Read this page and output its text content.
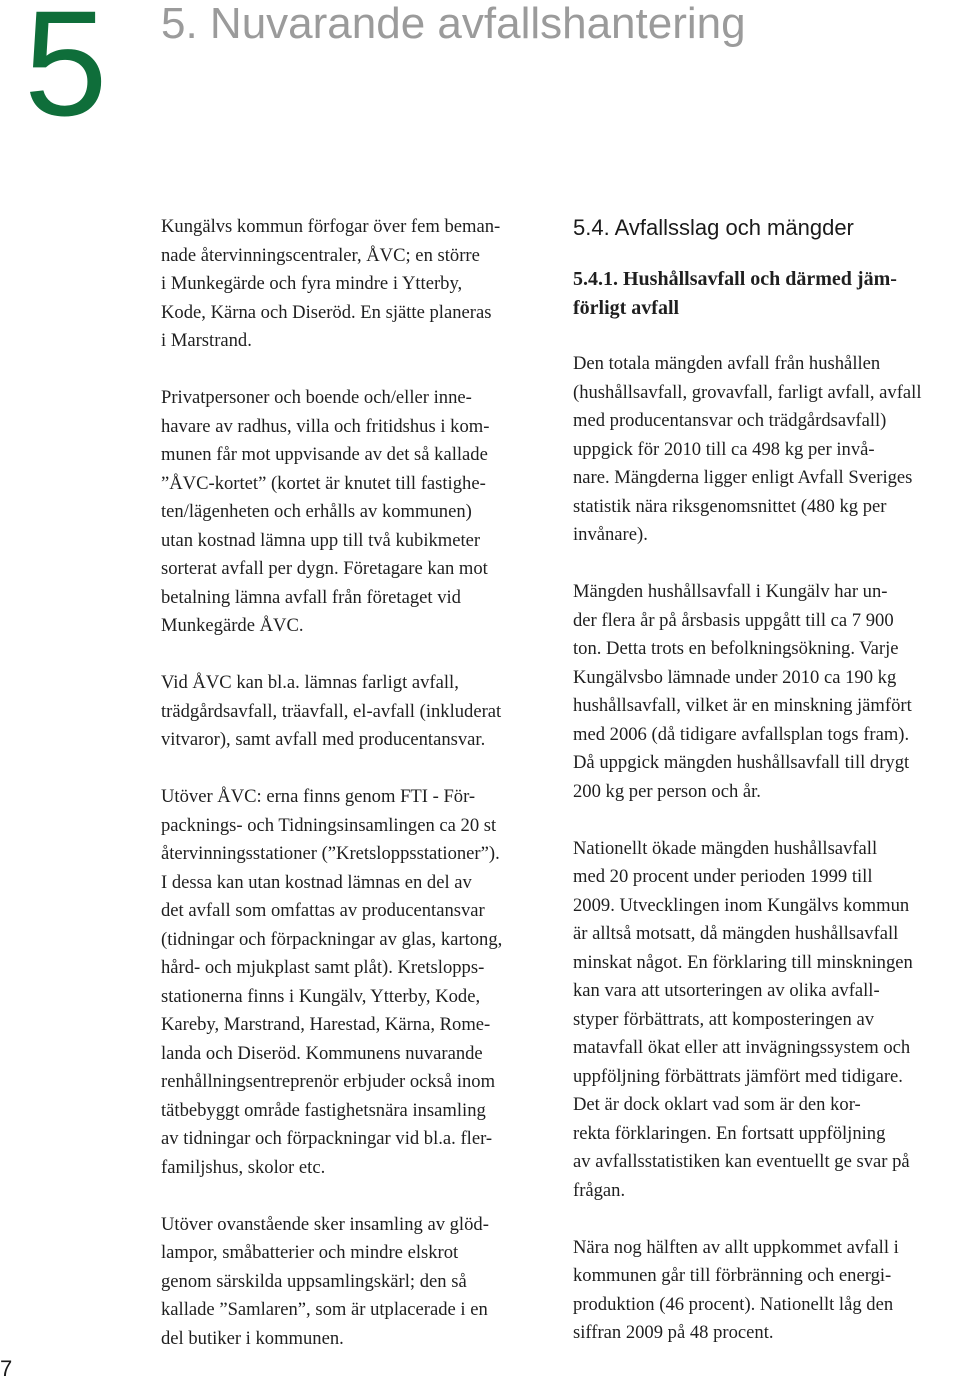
5 5. Nuvarande avfallshantering

Kungälvs kommun förfogar över fem beman-
nade återvinningscentraler, ÅVC; en större
i Munkegärde och fyra mindre i Ytterby,
Kode, Kärna och Diseröd. En sjätte planeras
i Marstrand.

Privatpersoner och boende och/eller inne-
havare av radhus, villa och fritidshus i kom-
munen får mot uppvisande av det så kallade
”ÅVC-kortet” (kortet är knutet till fastighe-
ten/lägenheten och erhålls av kommunen)
utan kostnad lämna upp till två kubikmeter
sorterat avfall per dygn. Företagare kan mot
betalning lämna avfall från företaget vid
Munkegärde ÅVC.

Vid ÅVC kan bl.a. lämnas farligt avfall,
trädgårdsavfall, träavfall, el-avfall (inkluderat
vitvaror), samt avfall med producentansvar.

Utöver ÅVC: erna finns genom FTI - För-
packnings- och Tidningsinsamlingen ca 20 st
återvinningsstationer (”Kretsloppsstationer”).
I dessa kan utan kostnad lämnas en del av
det avfall som omfattas av producentansvar
(tidningar och förpackningar av glas, kartong,
hård- och mjukplast samt plåt). Kretslopps-
stationerna finns i Kungälv, Ytterby, Kode,
Kareby, Marstrand, Harestad, Kärna, Rome-
landa och Diseröd. Kommunens nuvarande
renhållningsentreprenör erbjuder också inom
tätbebyggt område fastighetsnära insamling
av tidningar och förpackningar vid bl.a. fler-
familjshus, skolor etc.

Utöver ovanstående sker insamling av glöd-
lampor, småbatterier och mindre elskrot
genom särskilda uppsamlingskärl; den så
kallade ”Samlaren”, som är utplacerade i en
del butiker i kommunen.

5.4. Avfallsslag och mängder
5.4.1. Hushållsavfall och därmed jäm-
förligt avfall

Den totala mängden avfall från hushållen
(hushållsavfall, grovavfall, farligt avfall, avfall
med producentansvar och trädgårdsavfall)
uppgick för 2010 till ca 498 kg per invå-
nare. Mängderna ligger enligt Avfall Sveriges
statistik nära riksgenomsnittet (480 kg per
invånare).

Mängden hushållsavfall i Kungälv har un-
der flera år på årsbasis uppgått till ca 7 900
ton. Detta trots en befolkningsökning. Varje
Kungälvsbo lämnade under 2010 ca 190 kg
hushållsavfall, vilket är en minskning jämfört
med 2006 (då tidigare avfallsplan togs fram).
Då uppgick mängden hushållsavfall till drygt
200 kg per person och år.

Nationellt ökade mängden hushållsavfall
med 20 procent under perioden 1999 till
2009. Utvecklingen inom Kungälvs kommun
är alltså motsatt, då mängden hushållsavfall
minskat något. En förklaring till minskningen
kan vara att utsorteringen av olika avfall-
styper förbättrats, att komposteringen av
matavfall ökat eller att invägningssystem och
uppföljning förbättrats jämfört med tidigare.
Det är dock oklart vad som är den kor-
rekta förklaringen. En fortsatt uppföljning
av avfallsstatistiken kan eventuellt ge svar på
frågan.

Nära nog hälften av allt uppkommet avfall i
kommunen går till förbränning och energi-
produktion (46 procent). Nationellt låg den
siffran 2009 på 48 procent.

7
